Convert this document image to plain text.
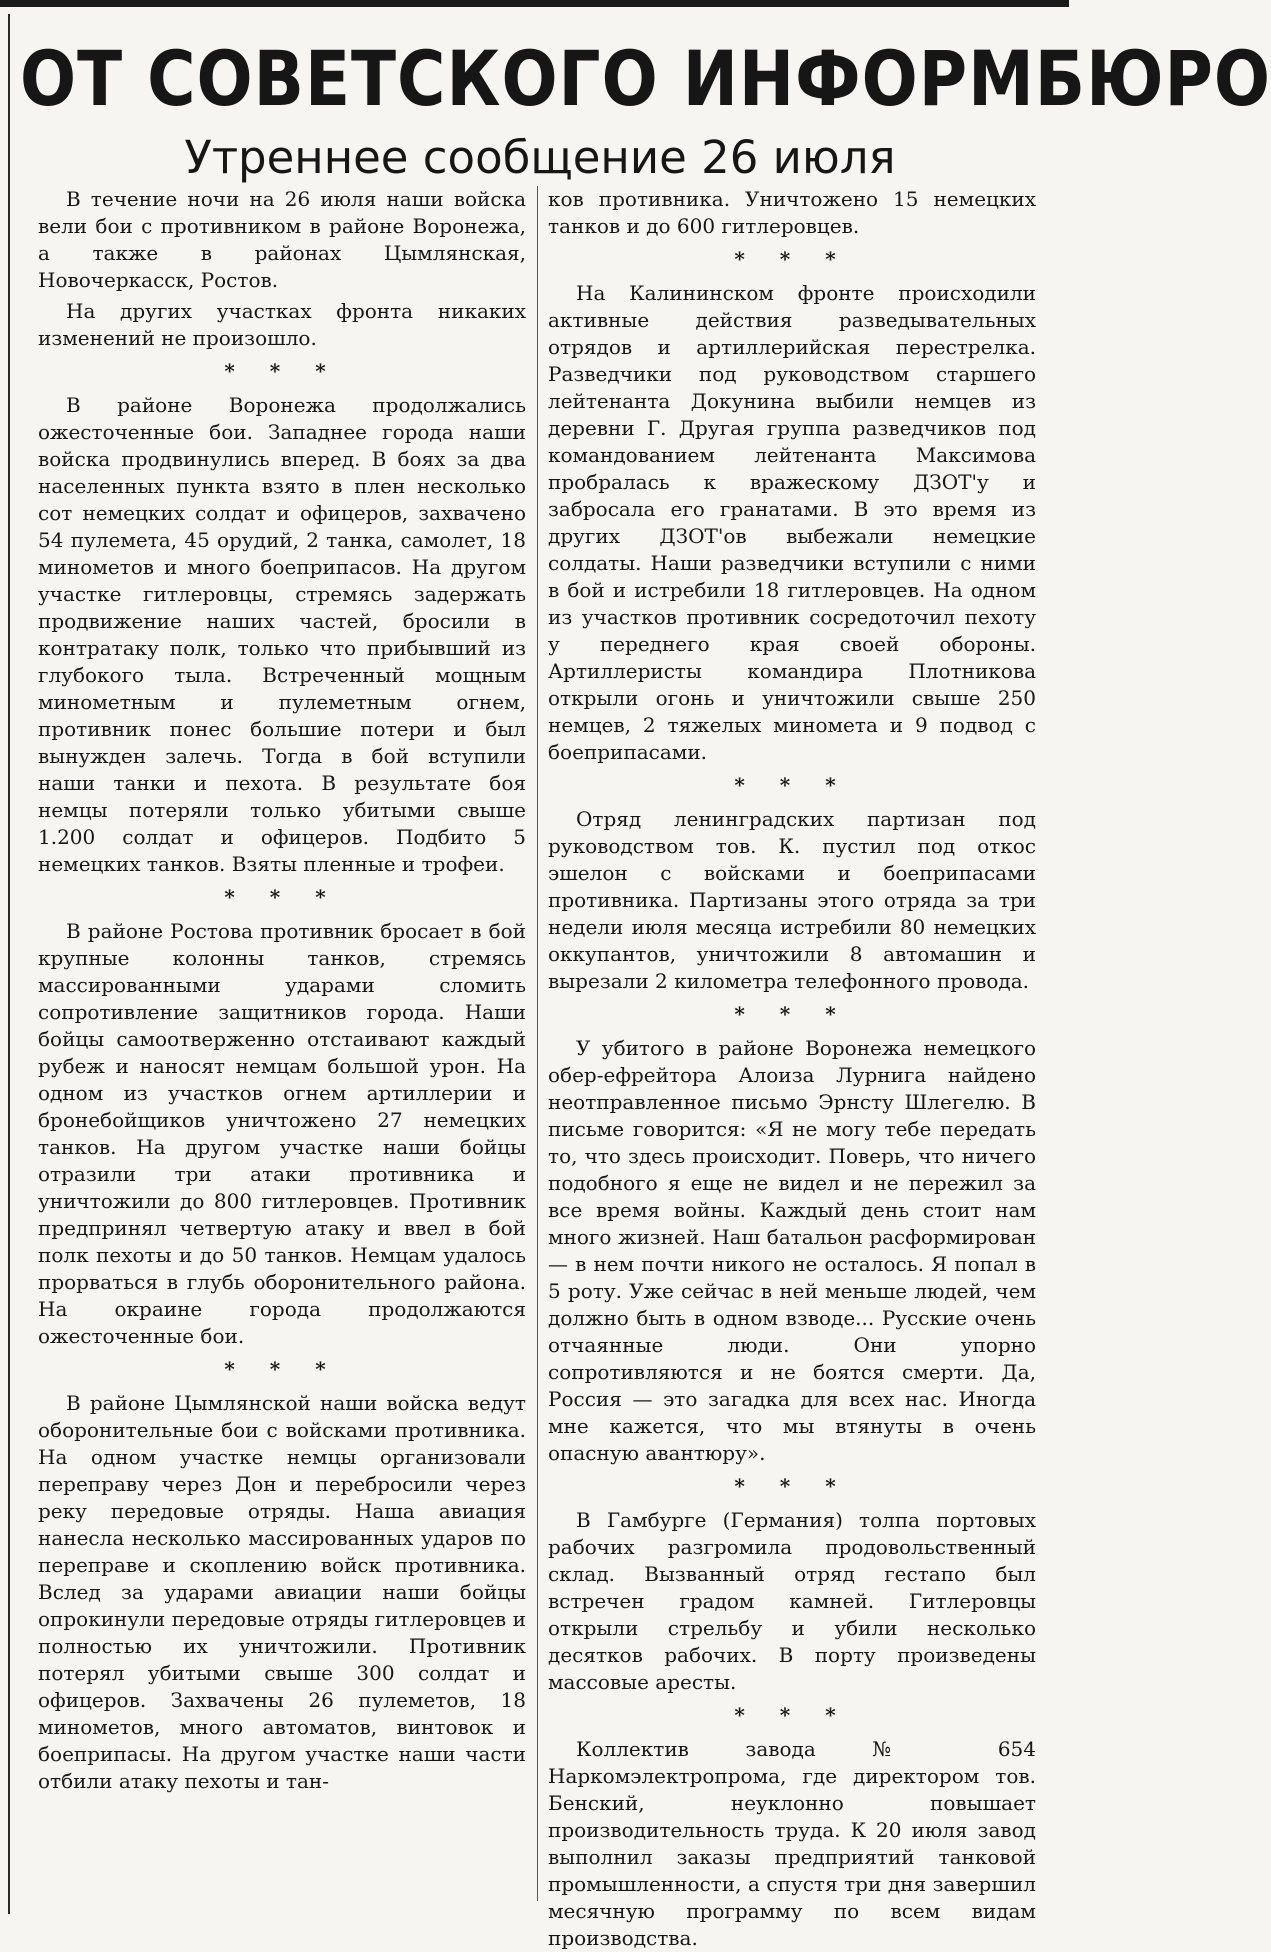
ОТ СОВЕТСКОГО ИНФОРМБЮРО
Утреннее сообщение 26 июля

В течение ночи на 26 июля наши войска вели бои с противником в районе Воронежа, а также в районах Цымлянская, Новочеркасск, Ростов.

На других участках фронта никаких изменений не произошло.

* * *

В районе Воронежа продолжались ожесточенные бои. Западнее города наши войска продвинулись вперед. В боях за два населенных пункта взято в плен несколько сот немецких солдат и офицеров, захвачено 54 пулемета, 45 орудий, 2 танка, самолет, 18 минометов и много боеприпасов. На другом участке гитлеровцы, стремясь задержать продвижение наших частей, бросили в контратаку полк, только что прибывший из глубокого тыла. Встреченный мощным минометным и пулеметным огнем, противник понес большие потери и был вынужден залечь. Тогда в бой вступили наши танки и пехота. В результате боя немцы потеряли только убитыми свыше 1.200 солдат и офицеров. Подбито 5 немецких танков. Взяты пленные и трофеи.

* * *

В районе Ростова противник бросает в бой крупные колонны танков, стремясь массированными ударами сломить сопротивление защитников города. Наши бойцы самоотверженно отстаивают каждый рубеж и наносят немцам большой урон. На одном из участков огнем артиллерии и бронебойщиков уничтожено 27 немецких танков. На другом участке наши бойцы отразили три атаки противника и уничтожили до 800 гитлеровцев. Противник предпринял четвертую атаку и ввел в бой полк пехоты и до 50 танков. Немцам удалось прорваться в глубь оборонительного района. На окраине города продолжаются ожесточенные бои.

* * *

В районе Цымлянской наши войска ведут оборонительные бои с войсками противника. На одном участке немцы организовали переправу через Дон и перебросили через реку передовые отряды. Наша авиация нанесла несколько массированных ударов по переправе и скоплению войск противника. Вслед за ударами авиации наши бойцы опрокинули передовые отряды гитлеровцев и полностью их уничтожили. Противник потерял убитыми свыше 300 солдат и офицеров. Захвачены 26 пулеметов, 18 минометов, много автоматов, винтовок и боеприпасы. На другом участке наши части отбили атаку пехоты и тан-

ков противника. Уничтожено 15 немецких танков и до 600 гитлеровцев.

* * *

На Калининском фронте происходили активные действия разведывательных отрядов и артиллерийская перестрелка. Разведчики под руководством старшего лейтенанта Докунина выбили немцев из деревни Г. Другая группа разведчиков под командованием лейтенанта Максимова пробралась к вражескому ДЗОТ'у и забросала его гранатами. В это время из других ДЗОТ'ов выбежали немецкие солдаты. Наши разведчики вступили с ними в бой и истребили 18 гитлеровцев. На одном из участков противник сосредоточил пехоту у переднего края своей обороны. Артиллеристы командира Плотникова открыли огонь и уничтожили свыше 250 немцев, 2 тяжелых миномета и 9 подвод с боеприпасами.

* * *

Отряд ленинградских партизан под руководством тов. К. пустил под откос эшелон с войсками и боеприпасами противника. Партизаны этого отряда за три недели июля месяца истребили 80 немецких оккупантов, уничтожили 8 автомашин и вырезали 2 километра телефонного провода.

* * *

У убитого в районе Воронежа немецкого обер-ефрейтора Алоиза Лурнига найдено неотправленное письмо Эрнсту Шлегелю. В письме говорится: «Я не могу тебе передать то, что здесь происходит. Поверь, что ничего подобного я еще не видел и не пережил за все время войны. Каждый день стоит нам много жизней. Наш батальон расформирован — в нем почти никого не осталось. Я попал в 5 роту. Уже сейчас в ней меньше людей, чем должно быть в одном взводе... Русские очень отчаянные люди. Они упорно сопротивляются и не боятся смерти. Да, Россия — это загадка для всех нас. Иногда мне кажется, что мы втянуты в очень опасную авантюру».

* * *

В Гамбурге (Германия) толпа портовых рабочих разгромила продовольственный склад. Вызванный отряд гестапо был встречен градом камней. Гитлеровцы открыли стрельбу и убили несколько десятков рабочих. В порту произведены массовые аресты.

* * *

Коллектив завода № 654 Наркомэлектропрома, где директором тов. Бенский, неуклонно повышает производительность труда. К 20 июля завод выполнил заказы предприятий танковой промышленности, а спустя три дня завершил месячную программу по всем видам производства.
